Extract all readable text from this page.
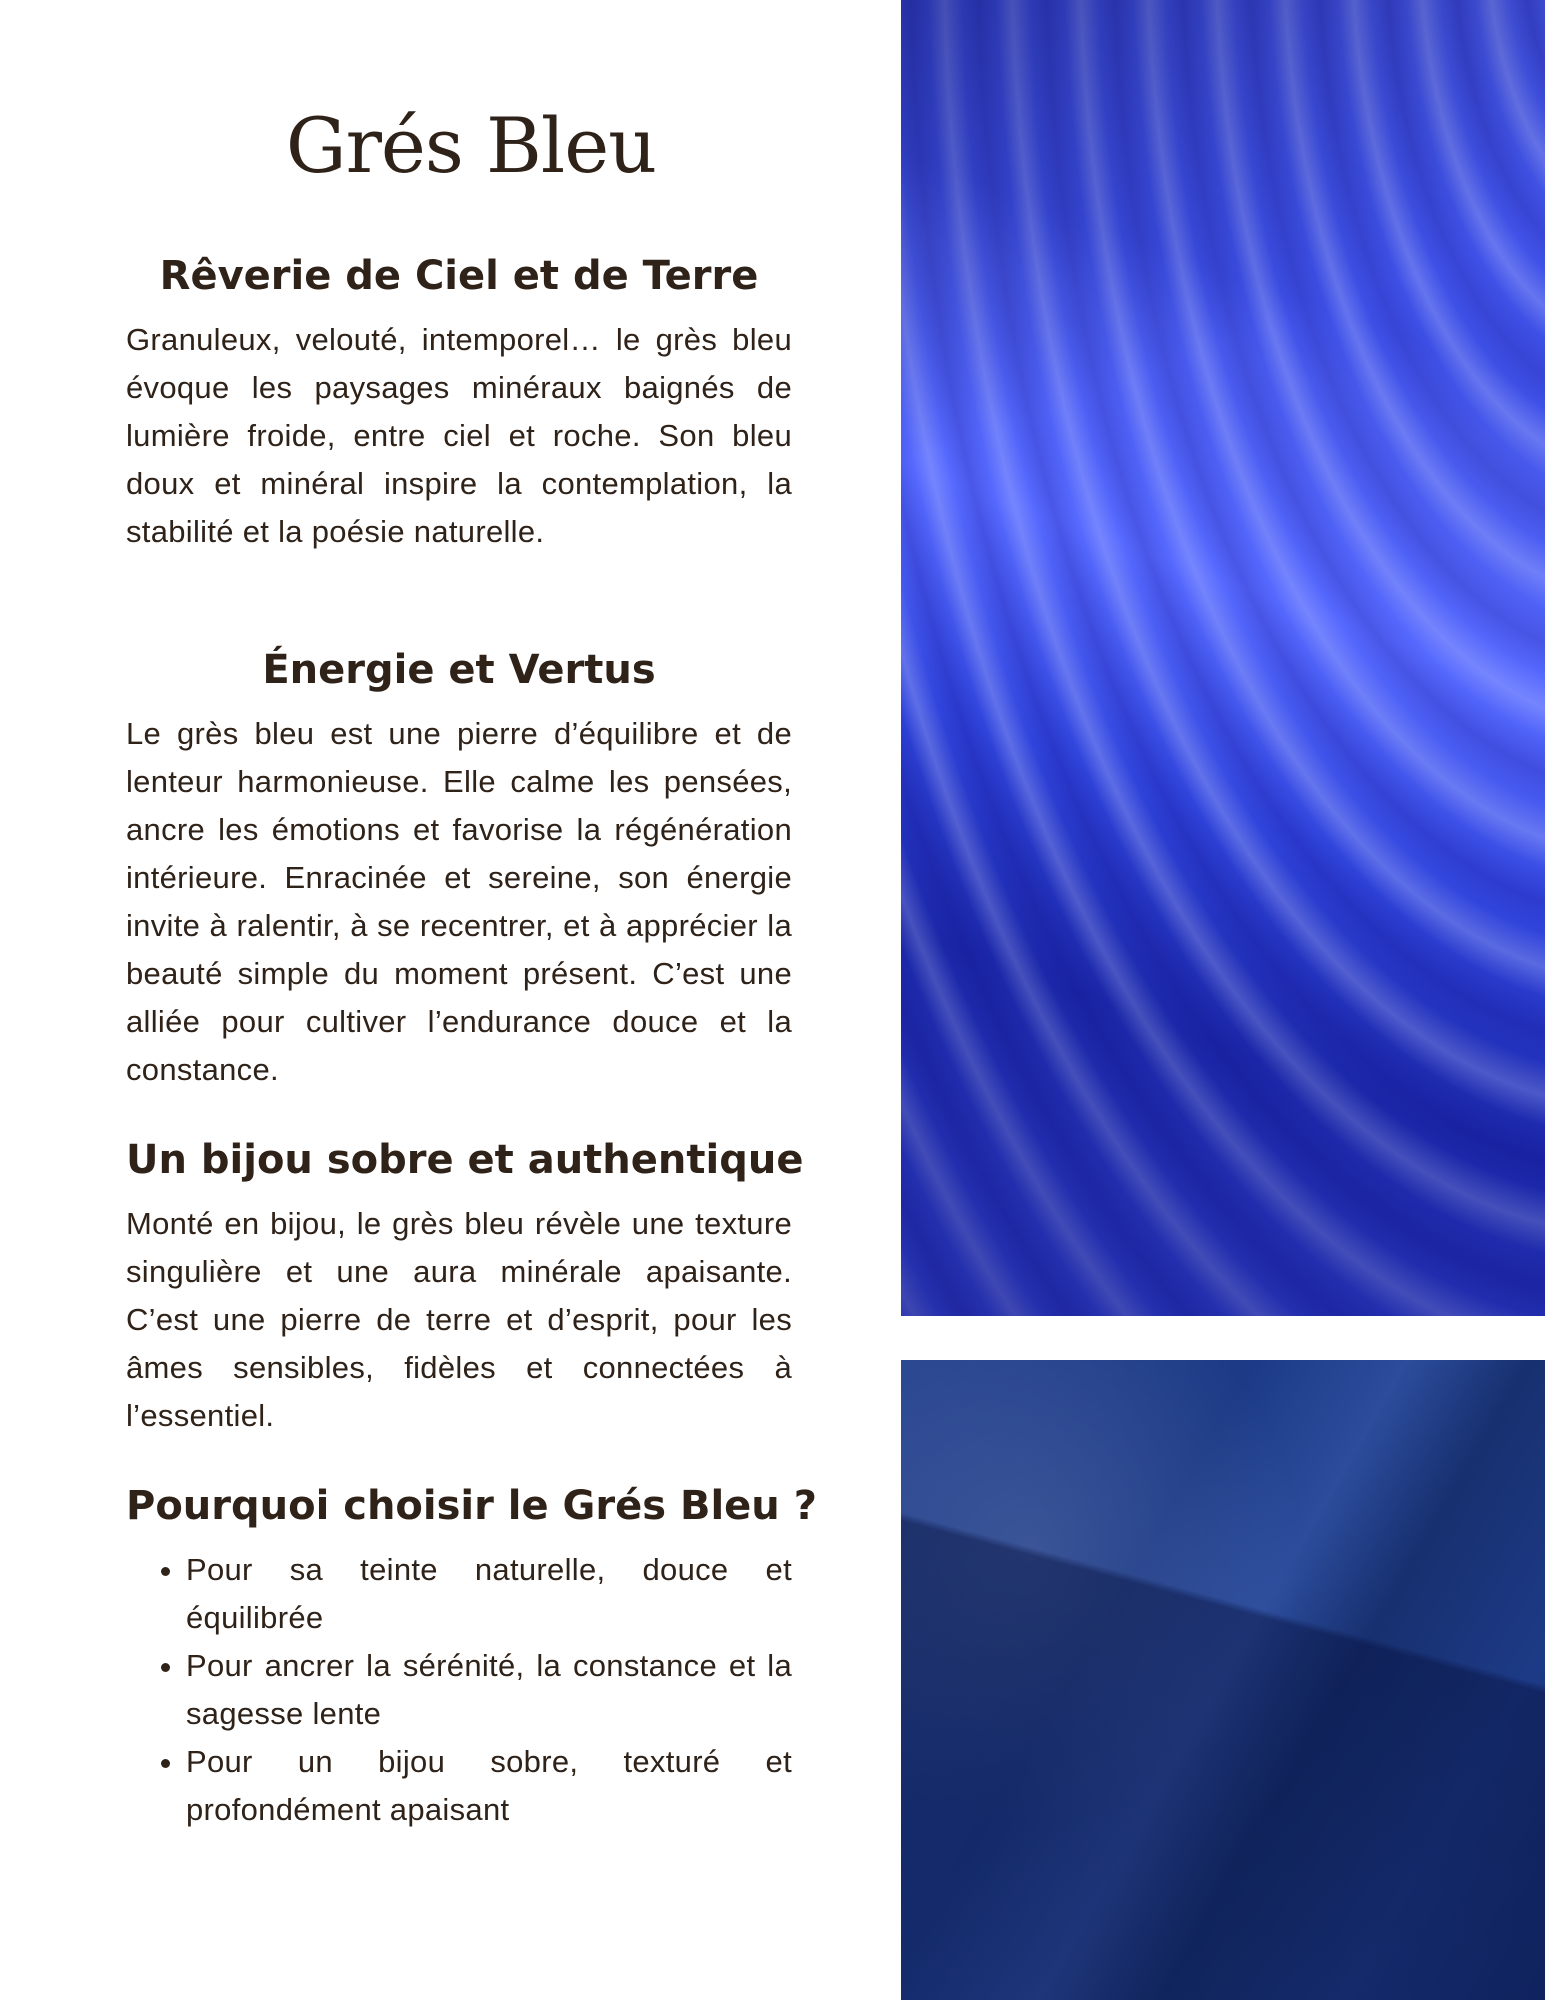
Grés Bleu
Rêverie de Ciel et de Terre

Granuleux, velouté, intemporel… le grès bleu évoque les paysages minéraux baignés de lumière froide, entre ciel et roche. Son bleu doux et minéral inspire la contemplation, la stabilité et la poésie naturelle.

Énergie et Vertus

Le grès bleu est une pierre d’équilibre et de lenteur harmonieuse. Elle calme les pensées, ancre les émotions et favorise la régénération intérieure. Enracinée et sereine, son énergie invite à ralentir, à se recentrer, et à apprécier la beauté simple du moment présent. C’est une alliée pour cultiver l’endurance douce et la constance.

Un bijou sobre et authentique

Monté en bijou, le grès bleu révèle une texture singulière et une aura minérale apaisante. C’est une pierre de terre et d’esprit, pour les âmes sensibles, fidèles et connectées à l’essentiel.

Pourquoi choisir le Grés Bleu ?
• Pour sa teinte naturelle, douce et équilibrée
• Pour ancrer la sérénité, la constance et la sagesse lente
• Pour un bijou sobre, texturé et profondément apaisant
